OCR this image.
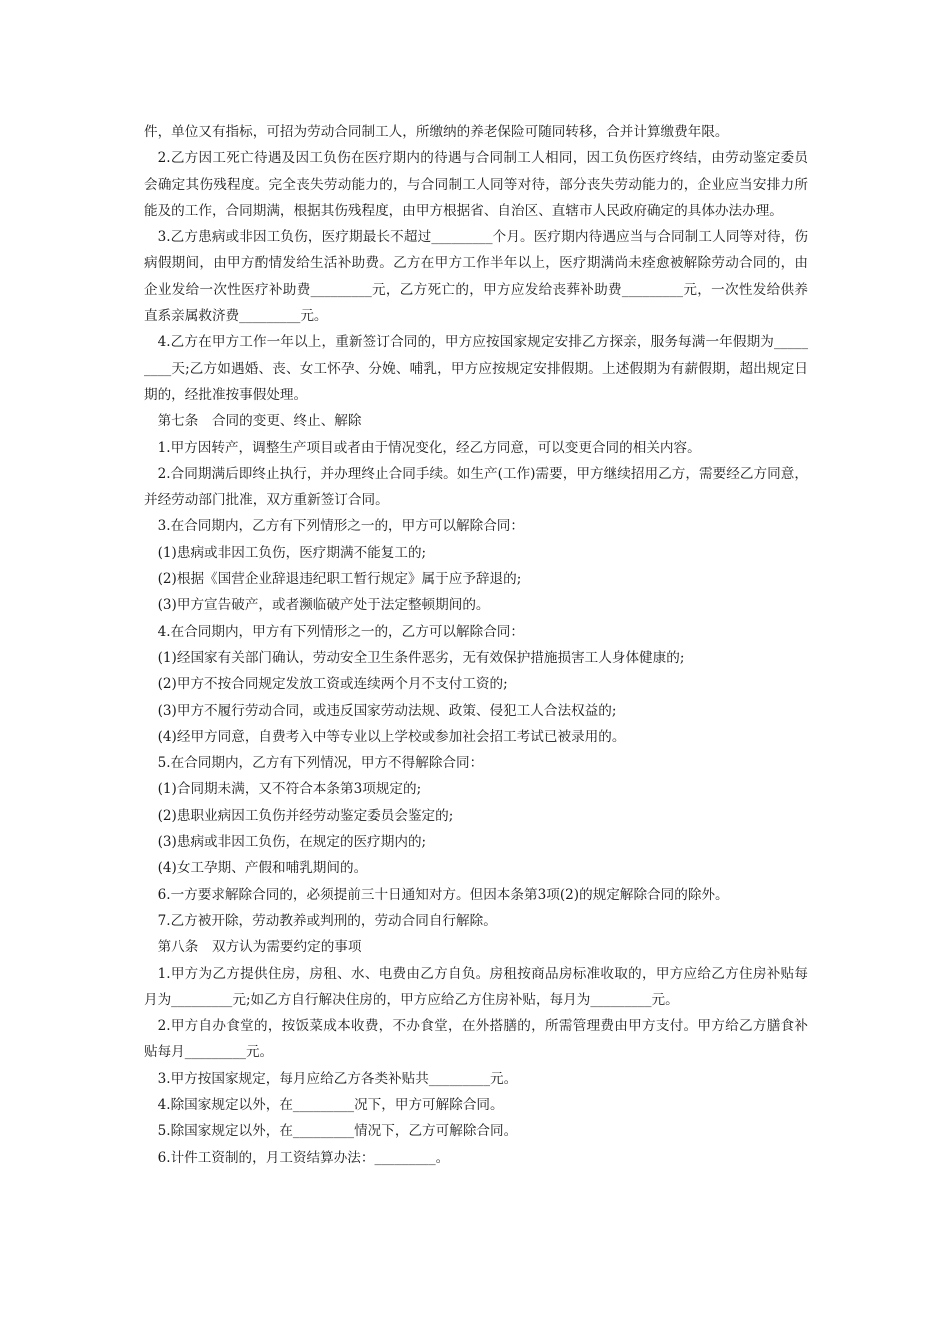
件，单位又有指标，可招为劳动合同制工人，所缴纳的养老保险可随同转移，合并计算缴费年限。

2.乙方因工死亡待遇及因工负伤在医疗期内的待遇与合同制工人相同，因工负伤医疗终结，由劳动鉴定委员会确定其伤残程度。完全丧失劳动能力的，与合同制工人同等对待，部分丧失劳动能力的，企业应当安排力所能及的工作，合同期满，根据其伤残程度，由甲方根据省、自治区、直辖市人民政府确定的具体办法办理。

3.乙方患病或非因工负伤，医疗期最长不超过_________个月。医疗期内待遇应当与合同制工人同等对待，伤病假期间，由甲方酌情发给生活补助费。乙方在甲方工作半年以上，医疗期满尚未痊愈被解除劳动合同的，由企业发给一次性医疗补助费_________元，乙方死亡的，甲方应发给丧葬补助费_________元，一次性发给供养直系亲属救济费_________元。

4.乙方在甲方工作一年以上，重新签订合同的，甲方应按国家规定安排乙方探亲，服务每满一年假期为_________天;乙方如遇婚、丧、女工怀孕、分娩、哺乳，甲方应按规定安排假期。上述假期为有薪假期，超出规定日期的，经批准按事假处理。

第七条　合同的变更、终止、解除

1.甲方因转产，调整生产项目或者由于情况变化，经乙方同意，可以变更合同的相关内容。

2.合同期满后即终止执行，并办理终止合同手续。如生产(工作)需要，甲方继续招用乙方，需要经乙方同意，并经劳动部门批准，双方重新签订合同。

3.在合同期内，乙方有下列情形之一的，甲方可以解除合同：

(1)患病或非因工负伤，医疗期满不能复工的;

(2)根据《国营企业辞退违纪职工暂行规定》属于应予辞退的;

(3)甲方宣告破产，或者濒临破产处于法定整顿期间的。

4.在合同期内，甲方有下列情形之一的，乙方可以解除合同：

(1)经国家有关部门确认，劳动安全卫生条件恶劣，无有效保护措施损害工人身体健康的;

(2)甲方不按合同规定发放工资或连续两个月不支付工资的;

(3)甲方不履行劳动合同，或违反国家劳动法规、政策、侵犯工人合法权益的;

(4)经甲方同意，自费考入中等专业以上学校或参加社会招工考试已被录用的。

5.在合同期内，乙方有下列情况，甲方不得解除合同：

(1)合同期未满，又不符合本条第3项规定的;

(2)患职业病因工负伤并经劳动鉴定委员会鉴定的;

(3)患病或非因工负伤，在规定的医疗期内的;

(4)女工孕期、产假和哺乳期间的。

6.一方要求解除合同的，必须提前三十日通知对方。但因本条第3项(2)的规定解除合同的除外。

7.乙方被开除，劳动教养或判刑的，劳动合同自行解除。

第八条　双方认为需要约定的事项

1.甲方为乙方提供住房，房租、水、电费由乙方自负。房租按商品房标准收取的，甲方应给乙方住房补贴每月为_________元;如乙方自行解决住房的，甲方应给乙方住房补贴，每月为_________元。

2.甲方自办食堂的，按饭菜成本收费，不办食堂，在外搭膳的，所需管理费由甲方支付。甲方给乙方膳食补贴每月_________元。

3.甲方按国家规定，每月应给乙方各类补贴共_________元。

4.除国家规定以外，在_________况下，甲方可解除合同。

5.除国家规定以外，在_________情况下，乙方可解除合同。

6.计件工资制的，月工资结算办法：_________。
